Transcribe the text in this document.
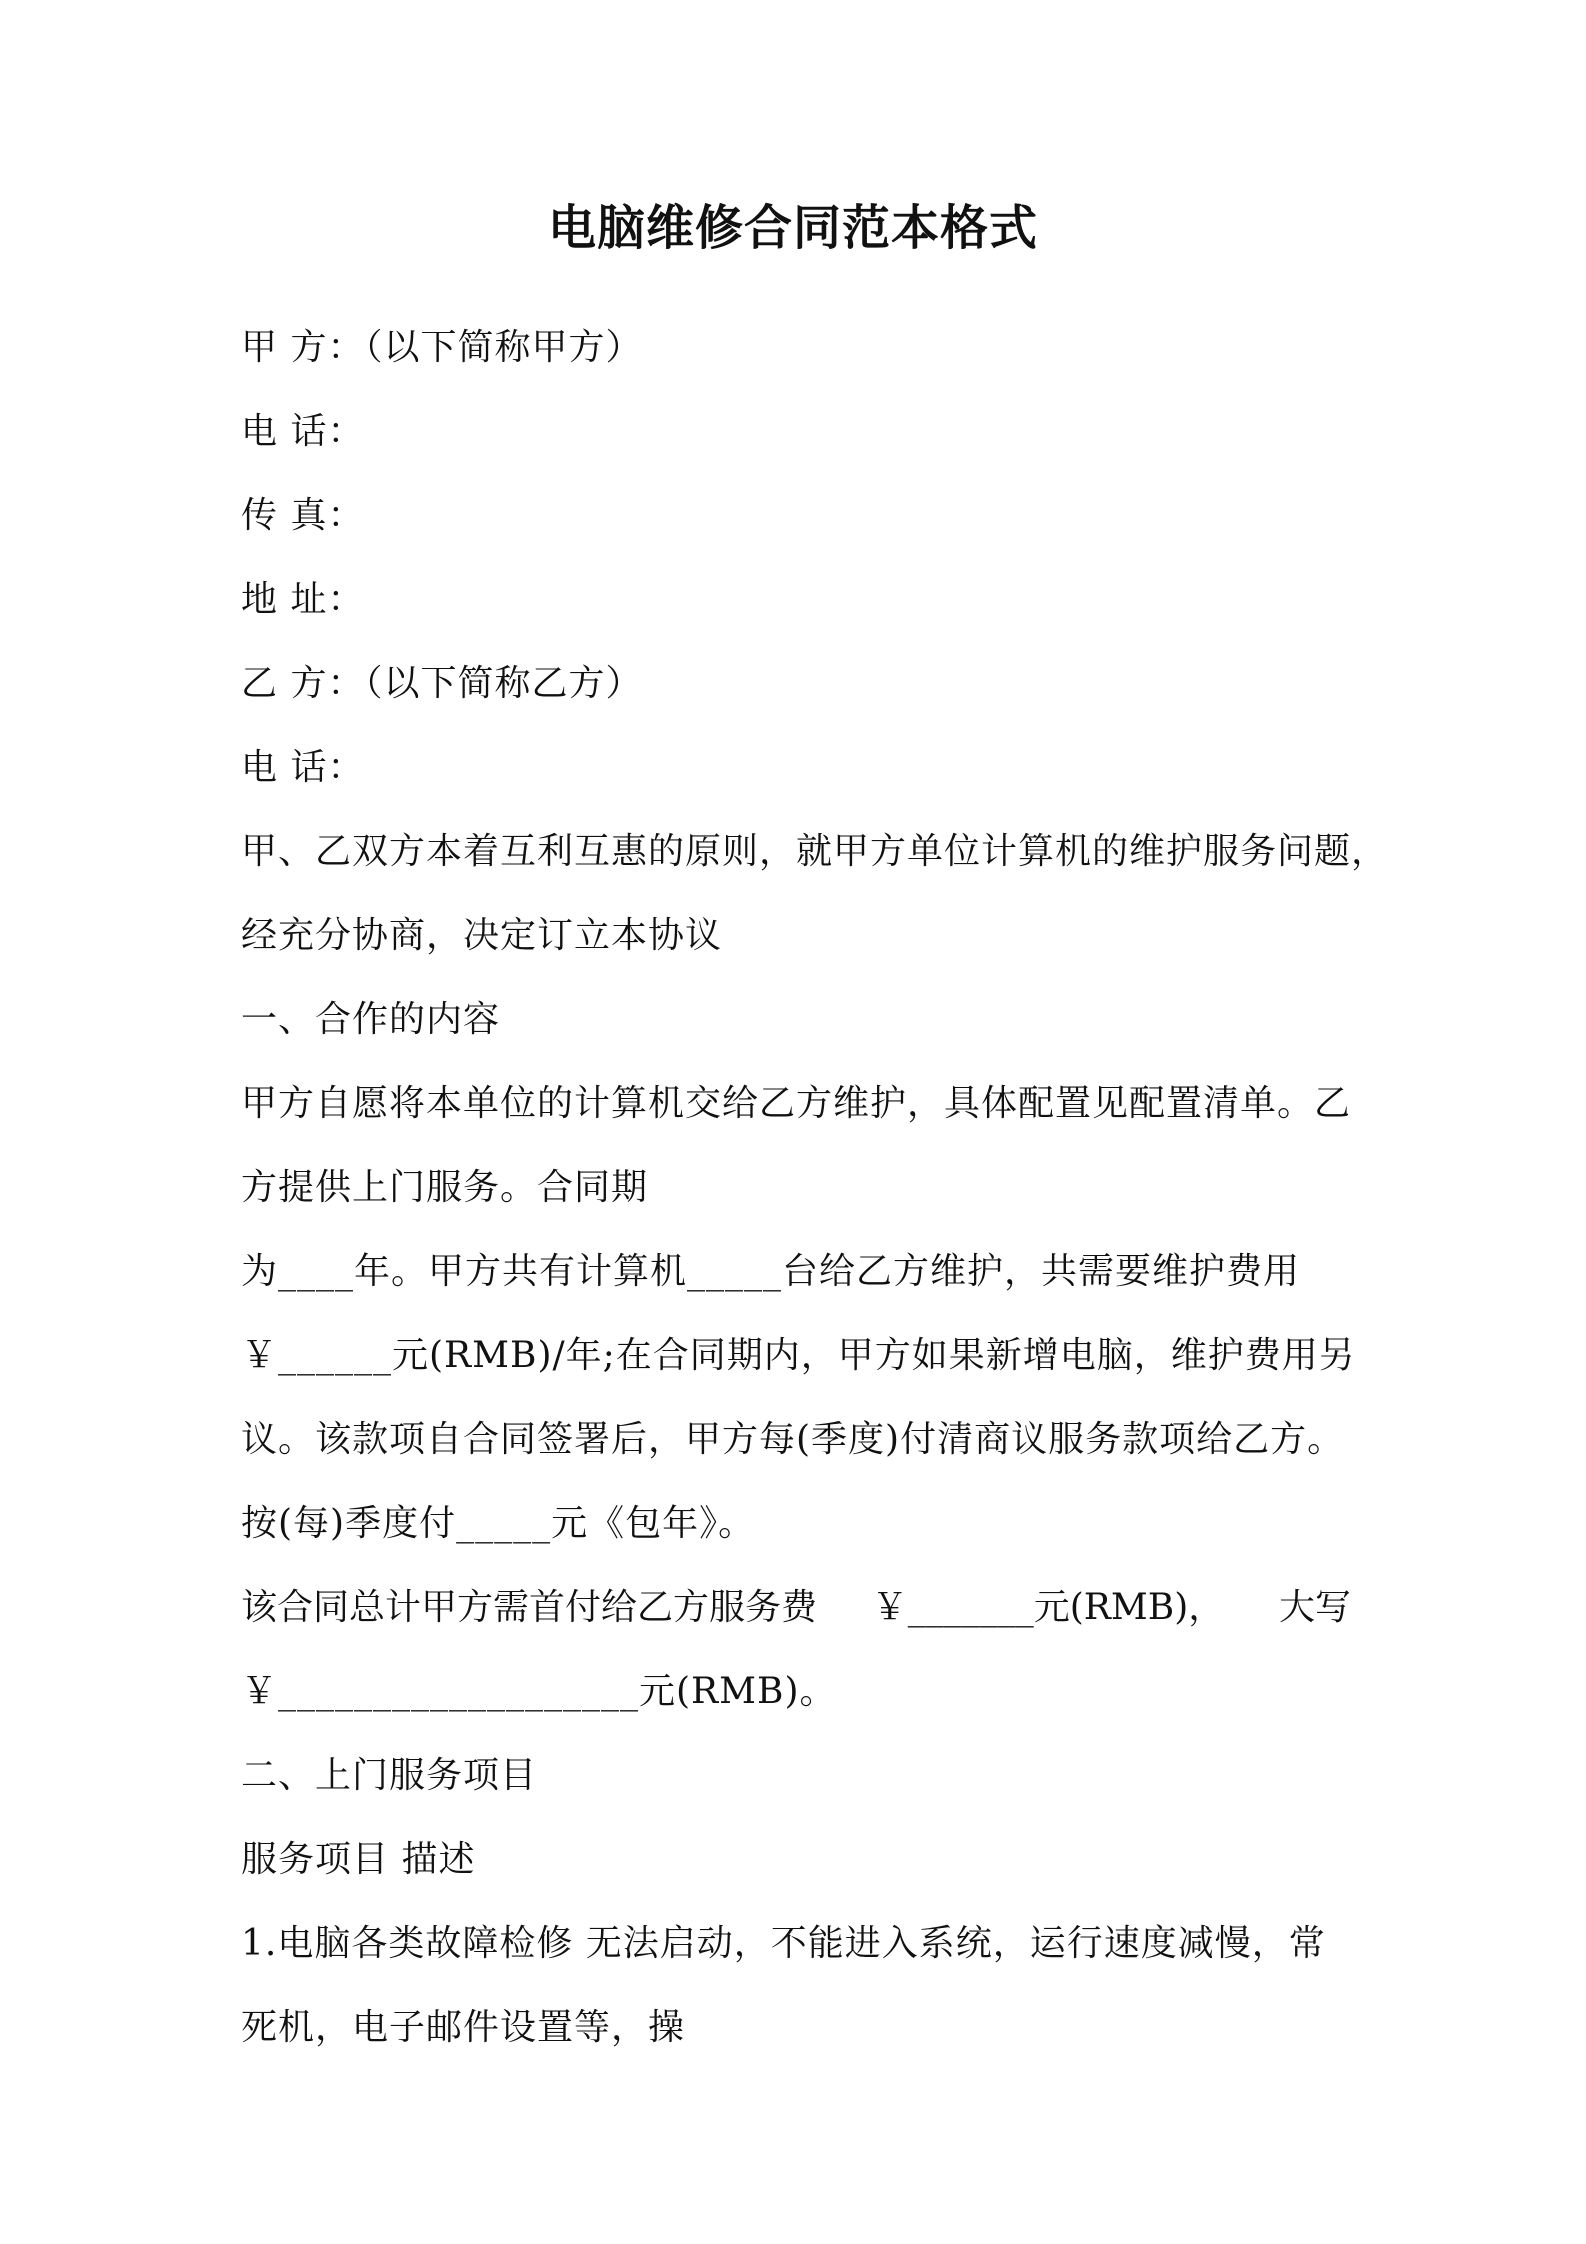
电脑维修合同范本格式
甲 方：（以下简称甲方）
电 话：
传 真：
地 址：
乙 方：（以下简称乙方）
电 话：
甲、乙双方本着互利互惠的原则，就甲方单位计算机的维护服务问题，
经充分协商，决定订立本协议
一、合作的内容
甲方自愿将本单位的计算机交给乙方维护，具体配置见配置清单。乙
方提供上门服务。合同期
为____年。甲方共有计算机_____台给乙方维护，共需要维护费用
￥______元(RMB)/年;在合同期内，甲方如果新增电脑，维护费用另
议。该款项自合同签署后，甲方每(季度)付清商议服务款项给乙方。
按(每)季度付_____元《包年》。
该合同总计甲方需首付给乙方服务费 ￥_______元(RMB)， 大写
￥___________________元(RMB)。
二、上门服务项目
服务项目 描述
1.电脑各类故障检修 无法启动，不能进入系统，运行速度减慢，常
死机，电子邮件设置等，操
